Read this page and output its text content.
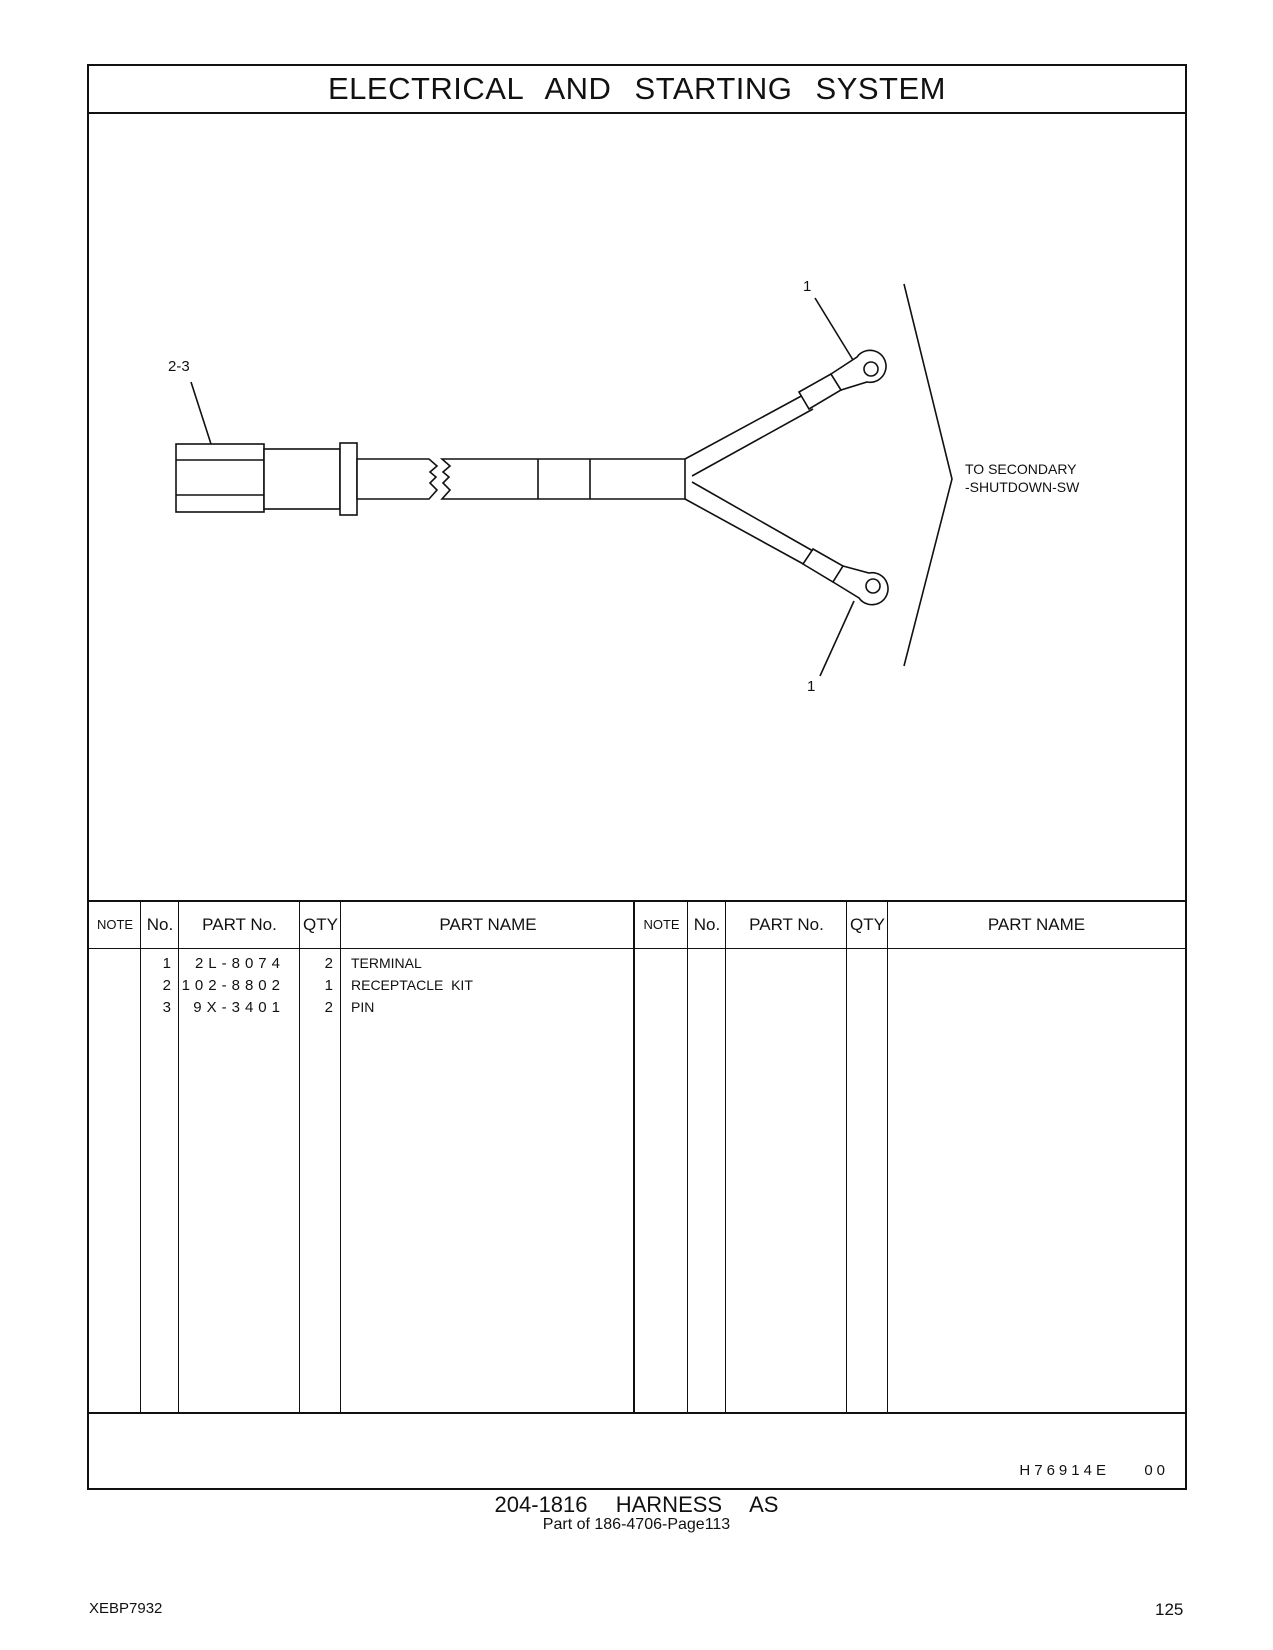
ELECTRICAL AND STARTING SYSTEM
2-3
1
1
TO SECONDARY
-SHUTDOWN-SW
NOTE No.	PART No.	QTY	PART NAME	NOTE No.	PART No.	QTY	PART NAME
1	2L-8074	2 TERMINAL
2 102-8802	1 RECEPTACLE  KIT
3	9X-3401	2 PIN
H76914E 00
204-1816  HARNESS  AS
Part of 186-4706-Page113
XEBP7932	125
